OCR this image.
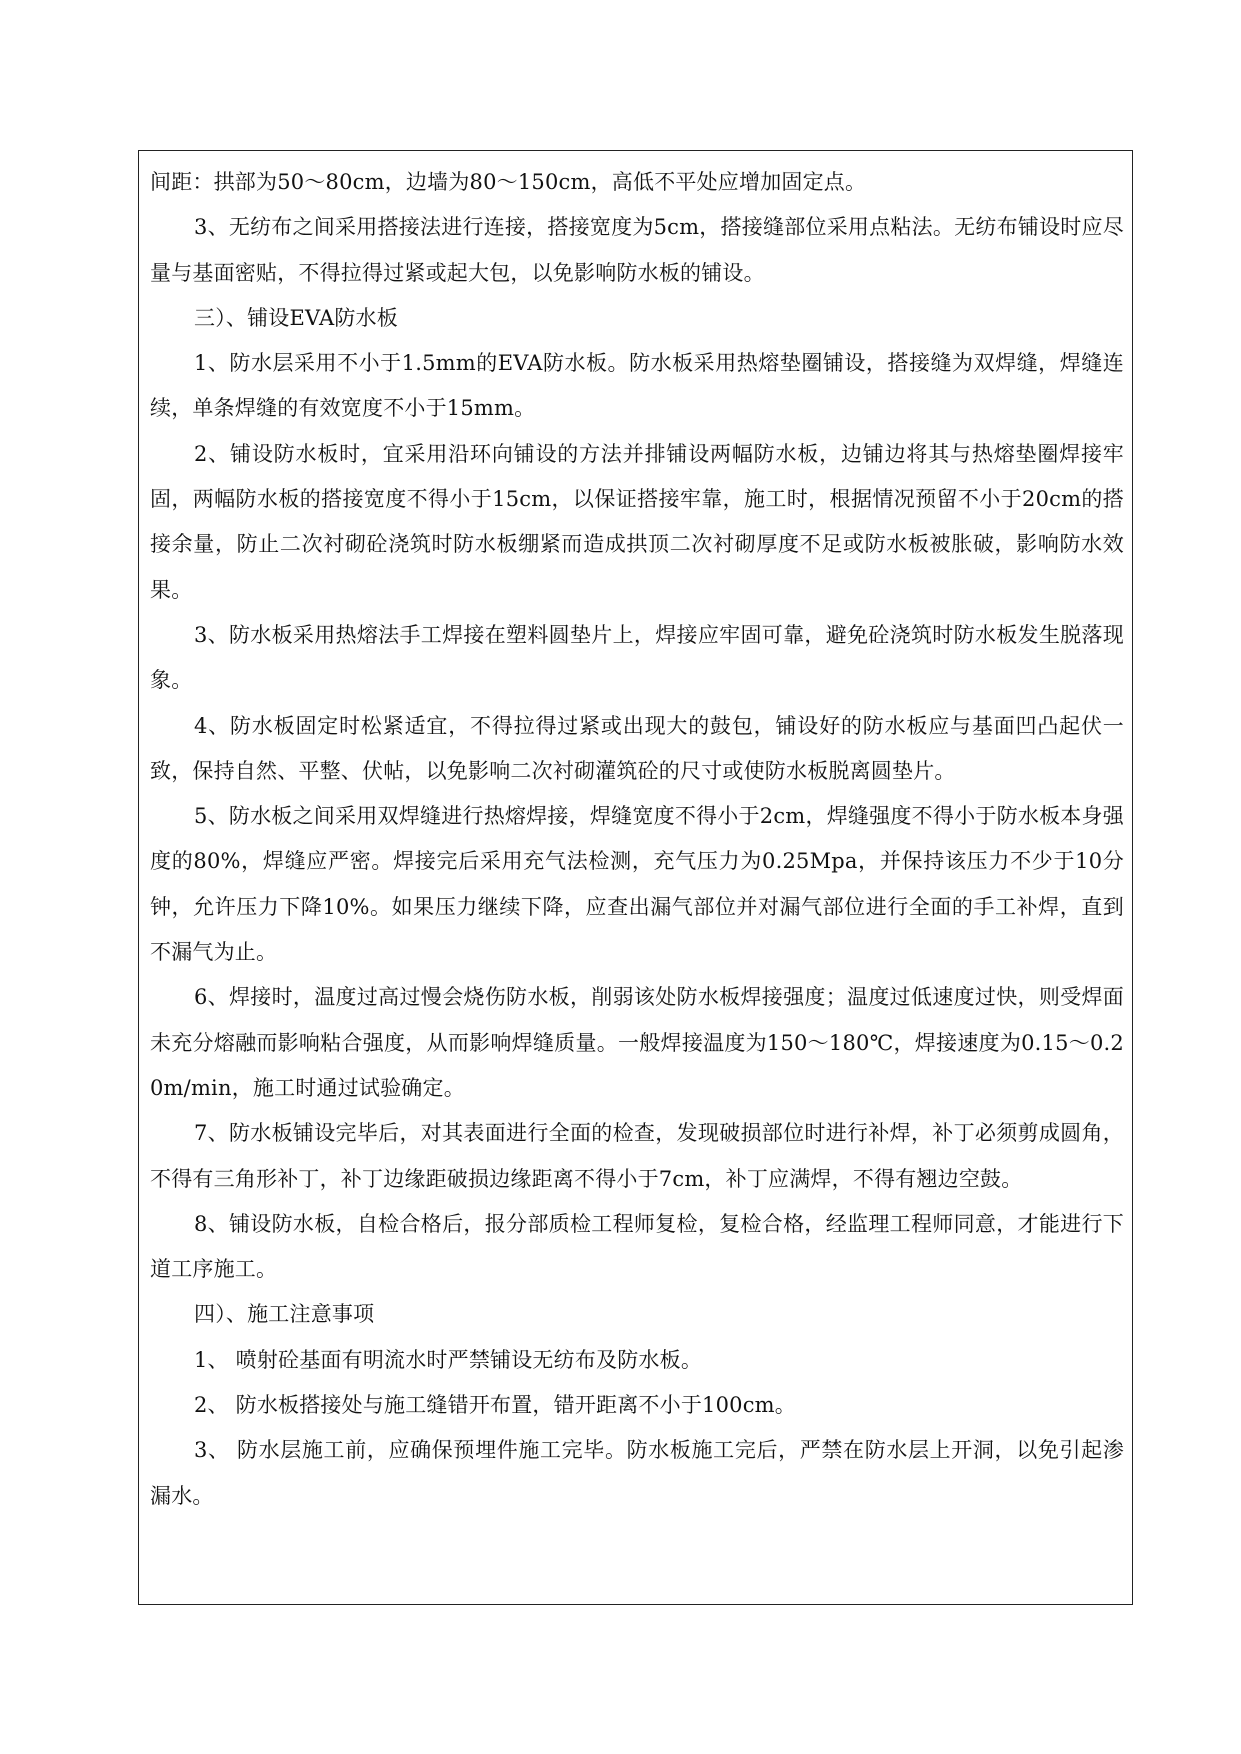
间距：拱部为50～80cm，边墙为80～150cm，高低不平处应增加固定点。

3、无纺布之间采用搭接法进行连接，搭接宽度为5cm，搭接缝部位采用点粘法。无纺布铺设时应尽量与基面密贴，不得拉得过紧或起大包，以免影响防水板的铺设。

三）、铺设EVA防水板

1、防水层采用不小于1.5mm的EVA防水板。防水板采用热熔垫圈铺设，搭接缝为双焊缝，焊缝连续，单条焊缝的有效宽度不小于15mm。

2、铺设防水板时，宜采用沿环向铺设的方法并排铺设两幅防水板，边铺边将其与热熔垫圈焊接牢固，两幅防水板的搭接宽度不得小于15cm，以保证搭接牢靠，施工时，根据情况预留不小于20cm的搭接余量，防止二次衬砌砼浇筑时防水板绷紧而造成拱顶二次衬砌厚度不足或防水板被胀破，影响防水效果。

3、防水板采用热熔法手工焊接在塑料圆垫片上，焊接应牢固可靠，避免砼浇筑时防水板发生脱落现象。

4、防水板固定时松紧适宜，不得拉得过紧或出现大的鼓包，铺设好的防水板应与基面凹凸起伏一致，保持自然、平整、伏帖，以免影响二次衬砌灌筑砼的尺寸或使防水板脱离圆垫片。

5、防水板之间采用双焊缝进行热熔焊接，焊缝宽度不得小于2cm，焊缝强度不得小于防水板本身强度的80%，焊缝应严密。焊接完后采用充气法检测，充气压力为0.25Mpa，并保持该压力不少于10分钟，允许压力下降10%。如果压力继续下降，应查出漏气部位并对漏气部位进行全面的手工补焊，直到不漏气为止。

6、焊接时，温度过高过慢会烧伤防水板，削弱该处防水板焊接强度；温度过低速度过快，则受焊面未充分熔融而影响粘合强度，从而影响焊缝质量。一般焊接温度为150～180℃，焊接速度为0.15～0.20m/min，施工时通过试验确定。

7、防水板铺设完毕后，对其表面进行全面的检查，发现破损部位时进行补焊，补丁必须剪成圆角，不得有三角形补丁，补丁边缘距破损边缘距离不得小于7cm，补丁应满焊，不得有翘边空鼓。

8、铺设防水板，自检合格后，报分部质检工程师复检，复检合格，经监理工程师同意，才能进行下道工序施工。

四）、施工注意事项

1、 喷射砼基面有明流水时严禁铺设无纺布及防水板。

2、 防水板搭接处与施工缝错开布置，错开距离不小于100cm。

3、 防水层施工前，应确保预埋件施工完毕。防水板施工完后，严禁在防水层上开洞，以免引起渗漏水。
